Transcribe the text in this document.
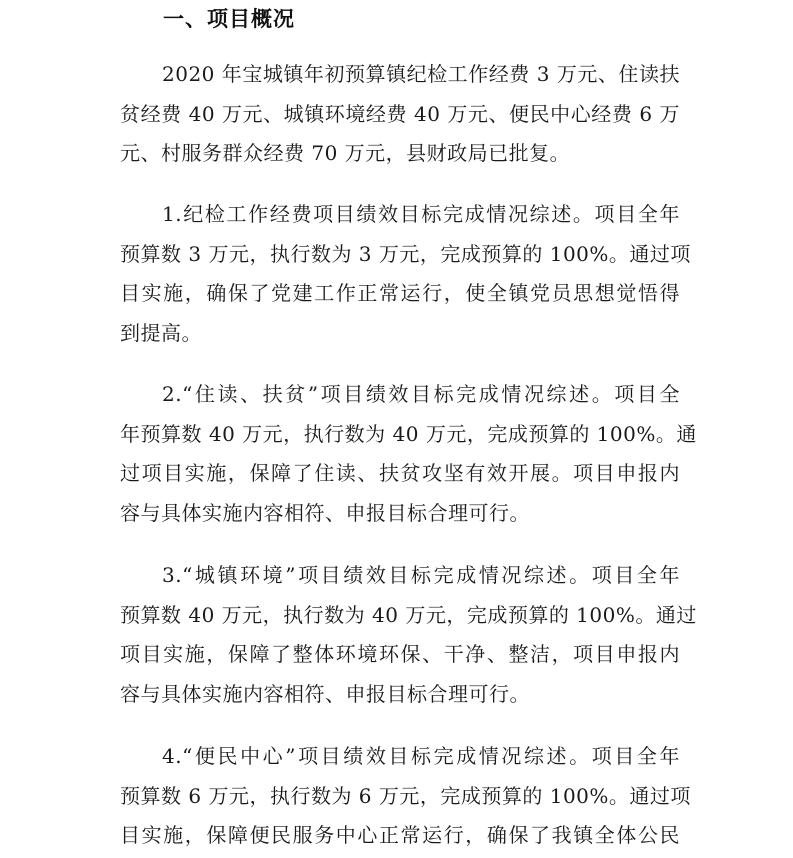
一、项目概况
2020 年宝城镇年初预算镇纪检工作经费 3 万元、住读扶
贫经费 40 万元、城镇环境经费 40 万元、便民中心经费 6 万
元、村服务群众经费 70 万元，县财政局已批复。
1.纪检工作经费项目绩效目标完成情况综述。项目全年
预算数 3 万元，执行数为 3 万元，完成预算的 100%。通过项
目实施，确保了党建工作正常运行，使全镇党员思想觉悟得
到提高。
2.“住读、扶贫”项目绩效目标完成情况综述。项目全
年预算数 40 万元，执行数为 40 万元，完成预算的 100%。通
过项目实施，保障了住读、扶贫攻坚有效开展。项目申报内
容与具体实施内容相符、申报目标合理可行。
3.“城镇环境”项目绩效目标完成情况综述。项目全年
预算数 40 万元，执行数为 40 万元，完成预算的 100%。通过
项目实施，保障了整体环境环保、干净、整洁，项目申报内
容与具体实施内容相符、申报目标合理可行。
4.“便民中心”项目绩效目标完成情况综述。项目全年
预算数 6 万元，执行数为 6 万元，完成预算的 100%。通过项
目实施，保障便民服务中心正常运行，确保了我镇全体公民
